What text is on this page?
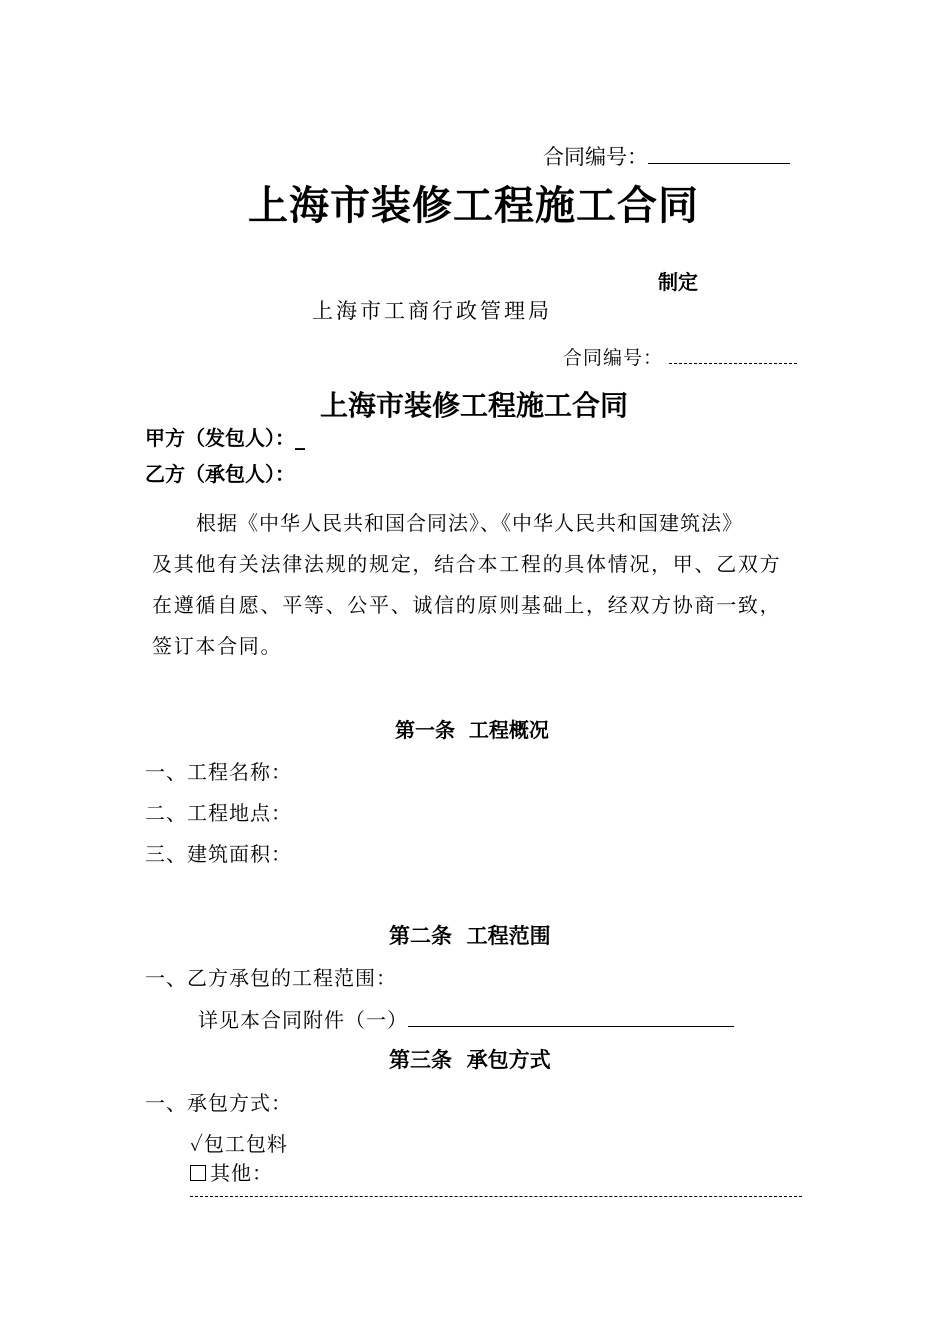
合同编号：
上海市装修工程施工合同
制定
上海市工商行政管理局
合同编号：
上海市装修工程施工合同
甲方（发包人）：_
乙方（承包人）：
根据《中华人民共和国合同法》、《中华人民共和国建筑法》
及其他有关法律法规的规定，结合本工程的具体情况，甲、乙双方
在遵循自愿、平等、公平、诚信的原则基础上，经双方协商一致，
签订本合同。
第一条  工程概况
一、工程名称：
二、工程地点：
三、建筑面积：
第二条  工程范围
一、乙方承包的工程范围：
详见本合同附件（一）
第三条  承包方式
一、承包方式：
✓包工包料
其他：
